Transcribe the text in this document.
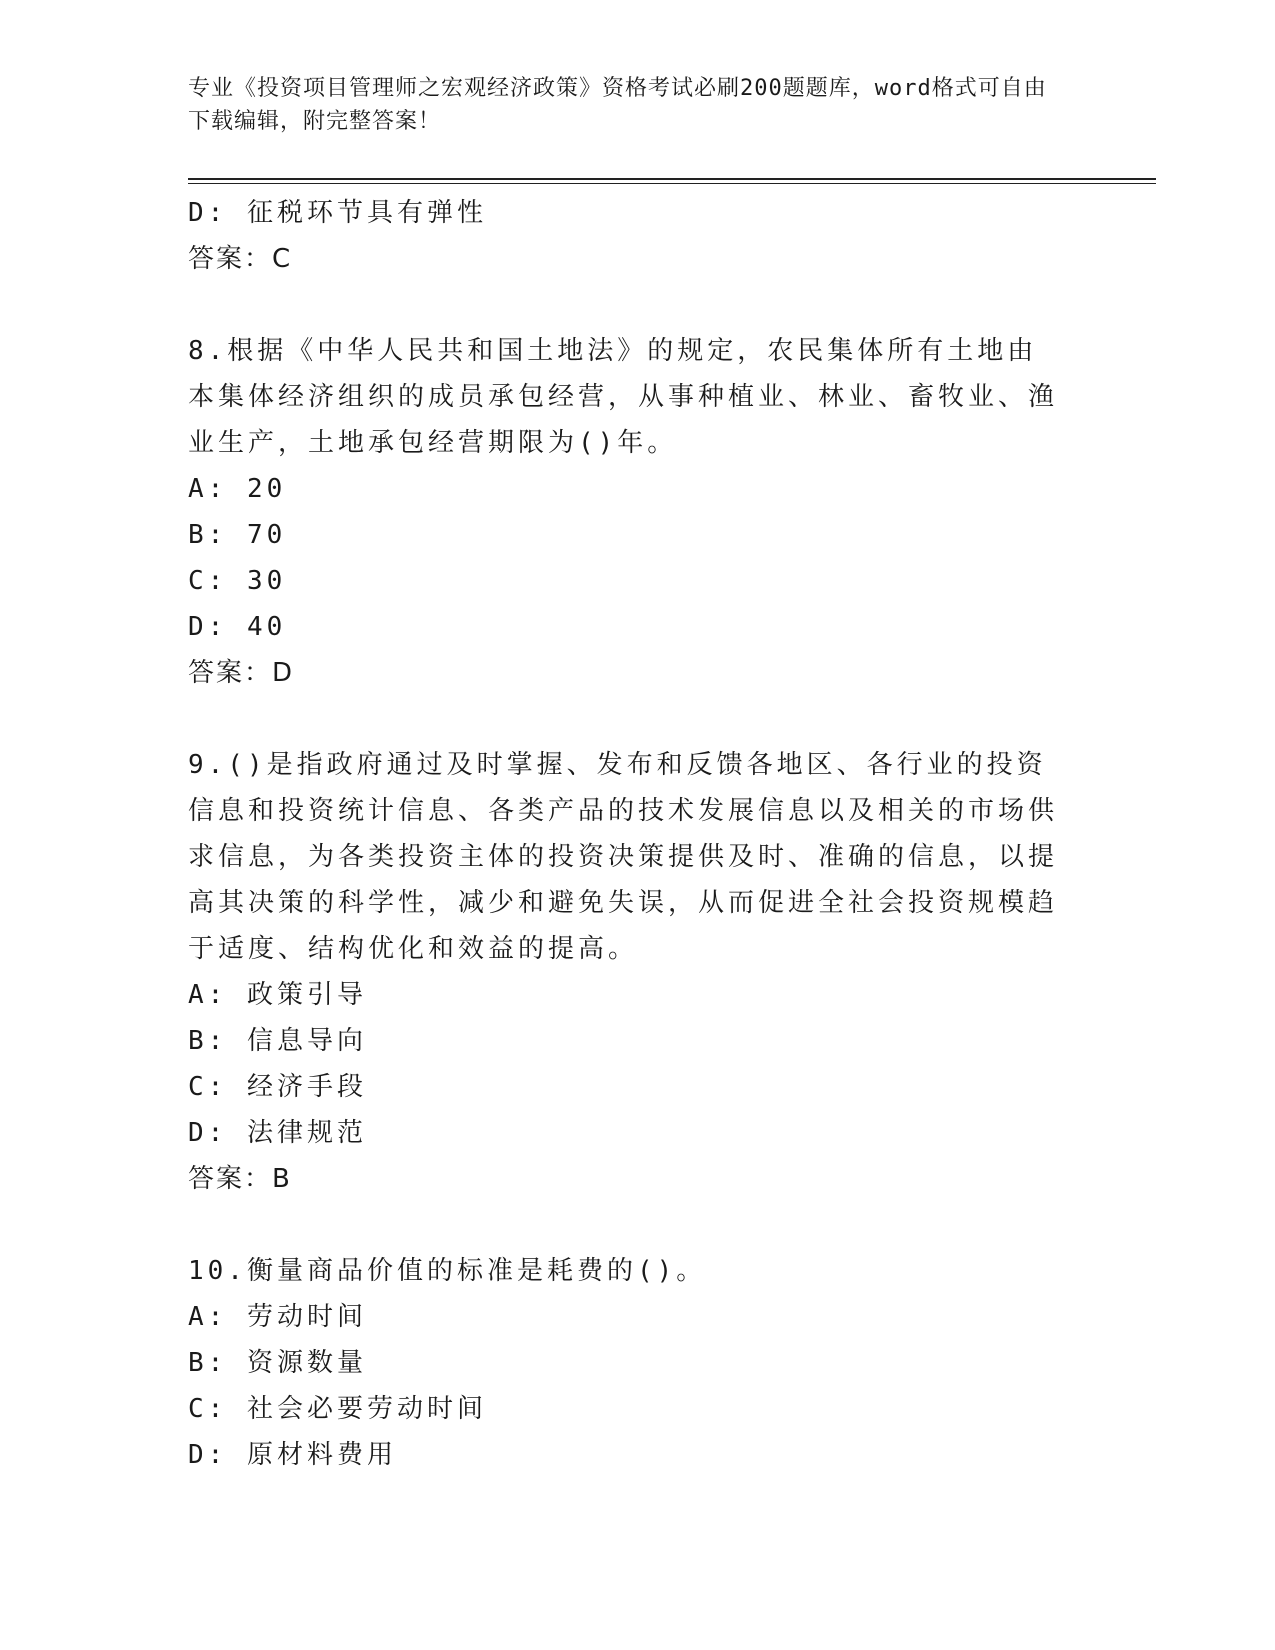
专业《投资项目管理师之宏观经济政策》资格考试必刷200题题库，word格式可自由下载编辑，附完整答案！
D: 征税环节具有弹性
答案：C
8.根据《中华人民共和国土地法》的规定，农民集体所有土地由本集体经济组织的成员承包经营，从事种植业、林业、畜牧业、渔业生产，土地承包经营期限为()年。
A: 20
B: 70
C: 30
D: 40
答案：D
9.()是指政府通过及时掌握、发布和反馈各地区、各行业的投资信息和投资统计信息、各类产品的技术发展信息以及相关的市场供求信息，为各类投资主体的投资决策提供及时、准确的信息，以提高其决策的科学性，减少和避免失误，从而促进全社会投资规模趋于适度、结构优化和效益的提高。
A: 政策引导
B: 信息导向
C: 经济手段
D: 法律规范
答案：B
10.衡量商品价值的标准是耗费的()。
A: 劳动时间
B: 资源数量
C: 社会必要劳动时间
D: 原材料费用
